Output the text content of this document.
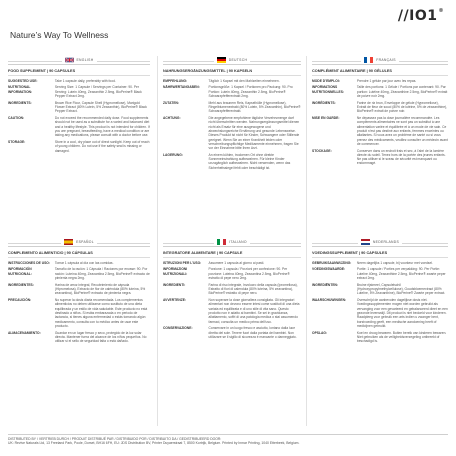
//IO1®
Nature’s Way To Wellness
ENGLISH
FOOD SUPPLEMENT | 90 CAPSULES
SUGGESTED USE:	Take 1 capsule daily, preferably with food.
NUTRITIONAL INFORMATION:
Serving Size: 1 Capsule / Servings per Container: 90. Per Serving: Lutein 40mg, Zeaxanthin 2.5mg, BioPerine® Black Pepper Extract 2mg.
INGREDIENTS:	Brown Rice Flour, Capsule Shell (Hypromellose), Marigold Flower Extract (80% Lutein, 5% Zeaxanthin), BioPerine® Black Pepper Extract.
CAUTION:	Do not exceed the recommended daily dose. Food supplements should not be used as a substitute for a varied and balanced diet and a healthy lifestyle. This product is not intended for children. If you are pregnant, breastfeeding, have a medical condition or are taking any medications, please consult with a doctor before use.
STORAGE:	Store in a cool, dry place out of direct sunlight. Keep out of reach of young children. Do not use if the safety seal is missing or damaged.
DEUTSCH
NAHRUNGSERGÄNZUNGSMITTEL | 90 KAPSELN
EMPFEHLUNG:	Täglich 1 Kapsel mit den Mahlzeiten einnehmen.
NÄHRWERTANGABEN:	Portionsgröße: 1 Kapsel / Portionen pro Packung: 90. Pro Portion: Lutein 40mg, Zeaxanthin 2.5mg, BioPerine® Schwarzpfefferextrakt 2mg.
ZUTATEN:	Mehl aus braunem Reis, Kapselhülle (Hypromellose), Ringelblumenextrakt (80% Lutein, 5% Zeaxanthin), BioPerine® Schwarzpfefferextrakt.
ACHTUNG:	Die angegebene empfohlene tägliche Verzehrsmenge darf nicht überschritten werden. Nahrungsergänzungsmittel dienen nicht als Ersatz für eine ausgewogene und abwechslungsreiche Ernährung und gesunde Lebensweise. Dieses Produkt ist nicht für Kinder, Schwangere oder Stillende geeignet. Wenn Sie an einer Krankheit leiden oder verschreibungspflichtige Medikamente einnehmen, fragen Sie vor der Einnahme bitte Ihren Arzt.
LAGERUNG:	An einem kühlen, trockenen Ort ohne direkte Sonneneinstrahlung aufbewahren. Für kleine Kinder unzugänglich aufbewahren. Nicht verwenden, wenn das Sicherheitssiegel fehlt oder beschädigt ist.
FRANÇAIS
COMPLÉMENT ALIMENTAIRE | 90 GÉLULES
MODE D’EMPLOI:	Prendre 1 gélule par jour avec les repas.
INFORMATIONS NUTRITIONNELLES:
Taille des portions: 1 Gélule / Portions par contenant: 90. Par portion: Lutéine 40mg, Zéaxanthine 2.5mg, BioPerine® extrait de poivre noir 2mg.
INGRÉDIENTS:	Farine de riz brun, Enveloppe de gélule (Hypromellose), Extrait de fleur de souci (80% de lutéine, 5% de zéaxanthine), BioPerine® extrait de poivre noir.
MISE EN GARDE:	Ne dépassez pas la dose journalière recommandée. Les compléments alimentaires ne sont pas un substitut à une alimentation variée et équilibrée et à un mode de vie sain. Ce produit n’est pas destiné aux enfants, femmes enceintes ou allaitantes. Si vous avez un problème de santé ou si vous prenez des médicaments, veuillez consulter un médecin avant de commencer.
STOCKAGE:	Conserver dans un endroit frais et sec, à l’abri de la lumière directe du soleil. Tenez hors de la portée des jeunes enfants. Ne pas utiliser si le sceau de sécurité est manquant ou endommagé.
ESPAÑOL
COMPLEMENTO ALIMENTICIO | 90 CÁPSULAS
INSTRUCCIONES DE USO:	Tomar 1 cápsula al día con las comidas.
INFORMACIÓN NUTRICIONAL:
Tamaño de la ración: 1 Cápsula / Raciones por envase: 90. Por ración: Luteína 40mg, Zeaxantina 2.5mg, BioPerine® extracto de pimienta negra 2mg.
INGREDIENTES:	Harina de arroz integral, Recubrimiento de cápsula (Hipromelosa), Extracto de flor de caléndula (80% luteína, 5% zeaxantina), BioPerine® extracto de pimienta negra.
PRECAUCIÓN:	No superar la dosis diaria recomendada. Los complementos alimenticios no deben utilizarse como sustituto de una dieta equilibrada y un estilo de vida saludable. Este producto no está destinado a niños. Si estás embarazada o en periodo de lactancia, si tienes alguna enfermedad o estás tomando algún medicamento, consulta con tu médico antes de usar este producto.
ALMACENAMIENTO:	Guardar en un lugar fresco y seco, protegido de la luz solar directa. Mantener fuera del alcance de los niños pequeños. No utilizar si el sello de seguridad falta o está dañado.
ITALIANO
INTEGRATORE ALIMENTARE | 90 CAPSULE
ISTRUZIONI PER L’USO:	Assumere 1 capsula al giorno ai pasti.
INFORMAZIONI NUTRIZIONALI:
Porzione: 1 capsula / Porzioni per confezione: 90. Per porzione: Luteina 40mg, Zeaxantina 2.5mg, BioPerine® estratto di pepe nero 2mg.
INGREDIENTI:	Farina di riso integrale, Involucro della capsula (Ipromellosa), Estratto di fiori di calendula (80% luteina, 5% zeaxantina), BioPerine® estratto di pepe nero.
AVVERTENZE:	Non superare la dose giornaliera consigliata. Gli integratori alimentari non devono essere intesi come sostituti di una dieta variata ed equilibrata e di uno stile di vita sano. Questo prodotto non è adatto ai bambini. Se sei in gravidanza, allattamento, soffri di una patologia medica o stai assumendo farmaci, consulta un medico prima dell’uso.
CONSERVAZIONE:	Conservare in un luogo fresco e asciutto, lontano dalla luce diretta del sole. Tenere fuori dalla portata dei bambini. Non utilizzare se il sigillo di sicurezza è mancante o danneggiato.
NEDERLANDS
VOEDINGSSUPPLEMENT | 90 CAPSULES
GEBRUIKSAANWIJZING:	Neem dagelijks 1 capsule, bij voorkeur met voedsel.
VOEDINGSWAARDE:	Portie: 1 capsule / Porties per verpakking: 90. Per Portie: Luteïne 40mg, Zeaxanthine 2.5mg, BioPerine® zwarte peper extract 2mg.
INGREDIËNTEN:	Bruine rijstmeel, Capsulelschil (Hydroxypropylmethylcellulose), Goudsbloemextract (80% Luteïne, 5% Zeaxanthine), BioPerine® Zwarte peper extract.
WAARSCHUWINGEN:	Overschrijd de aanbevolen dagelijkse dosis niet. Voedingssupplementen mogen niet worden gebruikt als vervanging voor een gevarieerd en gebalanceerd dieet en een gezonde levensstijl. Dit product is niet bedoeld voor kinderen. Raadpleeg voor gebruik een arts indien u zwanger bent, borstvoeding geeft, een medische aandoening heeft of medicijnen gebruikt.
OPSLAG:	Koel en droog bewaren. Buiten bereik van kinderen bewaren. Niet gebruiken als de veiligheidsverzegeling ontbreekt of beschadigd is.
DISTRIBUTED BY / VERTRIEB DURCH / PRODUIT DISTRIBUÉ PAR / DISTRIBUIDO POR / DISTRIBUITO DA / GEDISTRIBUEERD DOOR:
UK: Revive Naturals Ltd, 13 Freeland Park, Poole, Dorset, BH16 6FH, EU: JDS Distribution BV, Printer Duyaerstraat 7, 8500 Kortrijk, Belgium. Printed by Inmar Printing, 1040 Etterbeek, Belgium.
